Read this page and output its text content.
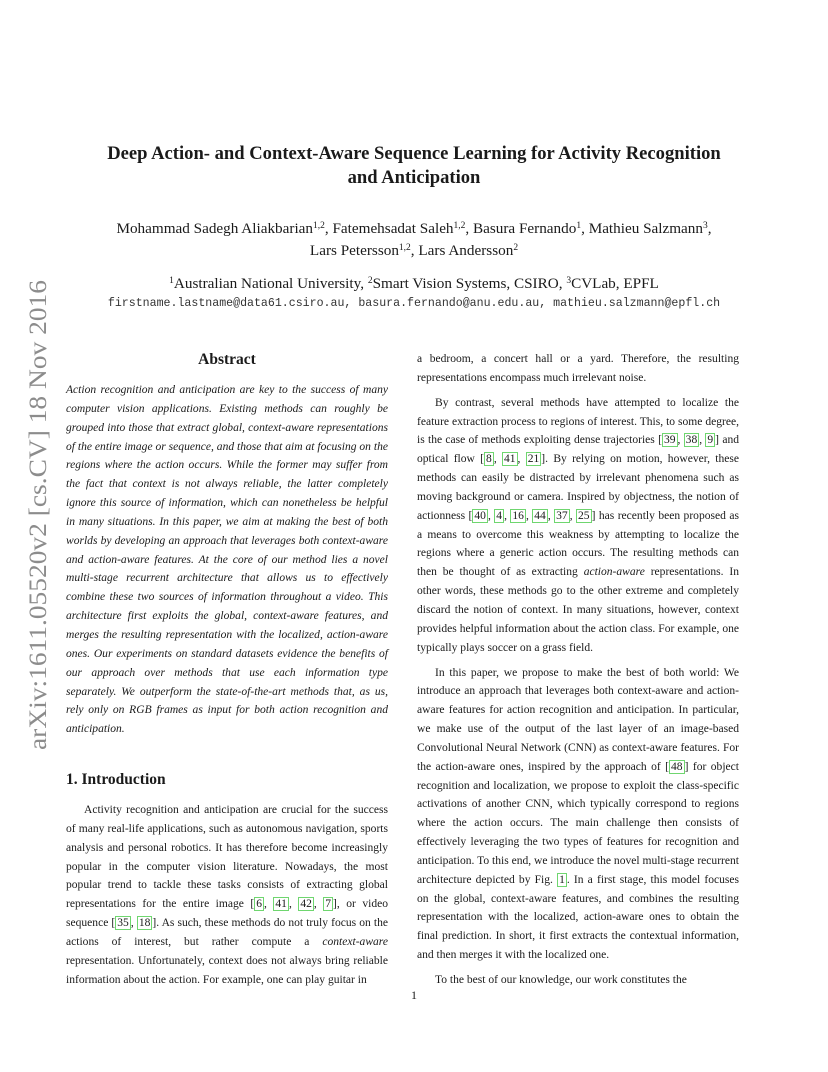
arXiv:1611.05520v2 [cs.CV] 18 Nov 2016
Deep Action- and Context-Aware Sequence Learning for Activity Recognition
and Anticipation
Mohammad Sadegh Aliakbarian$^{1,2}$, Fatemehsadat Saleh$^{1,2}$, Basura Fernando$^1$, Mathieu Salzmann$^3$,
Lars Petersson$^{1,2}$, Lars Andersson$^2$
$^1$Australian National University, $^2$Smart Vision Systems, CSIRO, $^3$CVLab, EPFL
firstname.lastname@data61.csiro.au, basura.fernando@anu.edu.au, mathieu.salzmann@epfl.ch
Abstract

Action recognition and anticipation are key to the success of many computer vision applications. Existing methods can roughly be grouped into those that extract global, context-aware representations of the entire image or sequence, and those that aim at focusing on the regions where the action occurs. While the former may suffer from the fact that context is not always reliable, the latter completely ignore this source of information, which can nonetheless be helpful in many situations. In this paper, we aim at making the best of both worlds by developing an approach that leverages both context-aware and action-aware features. At the core of our method lies a novel multi-stage recurrent architecture that allows us to effectively combine these two sources of information throughout a video. This architecture first exploits the global, context-aware features, and merges the resulting representation with the localized, action-aware ones. Our experiments on standard datasets evidence the benefits of our approach over methods that use each information type separately. We outperform the state-of-the-art methods that, as us, rely only on RGB frames as input for both action recognition and anticipation.

1. Introduction

Activity recognition and anticipation are crucial for the success of many real-life applications, such as autonomous navigation, sports analysis and personal robotics. It has therefore become increasingly popular in the computer vision literature. Nowadays, the most popular trend to tackle these tasks consists of extracting global representations for the entire image [ 6 , 41 , 42 , 7 ], or video sequence [ 35 , 18 ]. As such, these methods do not truly focus on the actions of interest, but rather compute a context-aware representation. Unfortunately, context does not always bring reliable information about the action. For example, one can play guitar in

a bedroom, a concert hall or a yard. Therefore, the resulting representations encompass much irrelevant noise.

By contrast, several methods have attempted to localize the feature extraction process to regions of interest. This, to some degree, is the case of methods exploiting dense trajectories [ 39 , 38 , 9 ] and optical flow [ 8 , 41 , 21 ]. By relying on motion, however, these methods can easily be distracted by irrelevant phenomena such as moving background or camera. Inspired by objectness, the notion of actionness [ 40 , 4 , 16 , 44 , 37 , 25 ] has recently been proposed as a means to overcome this weakness by attempting to localize the regions where a generic action occurs. The resulting methods can then be thought of as extracting action-aware representations. In other words, these methods go to the other extreme and completely discard the notion of context. In many situations, however, context provides helpful information about the action class. For example, one typically plays soccer on a grass field.

In this paper, we propose to make the best of both world: We introduce an approach that leverages both context-aware and action-aware features for action recognition and anticipation. In particular, we make use of the output of the last layer of an image-based Convolutional Neural Network (CNN) as context-aware features. For the action-aware ones, inspired by the approach of [ 48 ] for object recognition and localization, we propose to exploit the class-specific activations of another CNN, which typically correspond to regions where the action occurs. The main challenge then consists of effectively leveraging the two types of features for recognition and anticipation. To this end, we introduce the novel multi-stage recurrent architecture depicted by Fig. 1 . In a first stage, this model focuses on the global, context-aware features, and combines the resulting representation with the localized, action-aware ones to obtain the final prediction. In short, it first extracts the contextual information, and then merges it with the localized one.

To the best of our knowledge, our work constitutes the

1
